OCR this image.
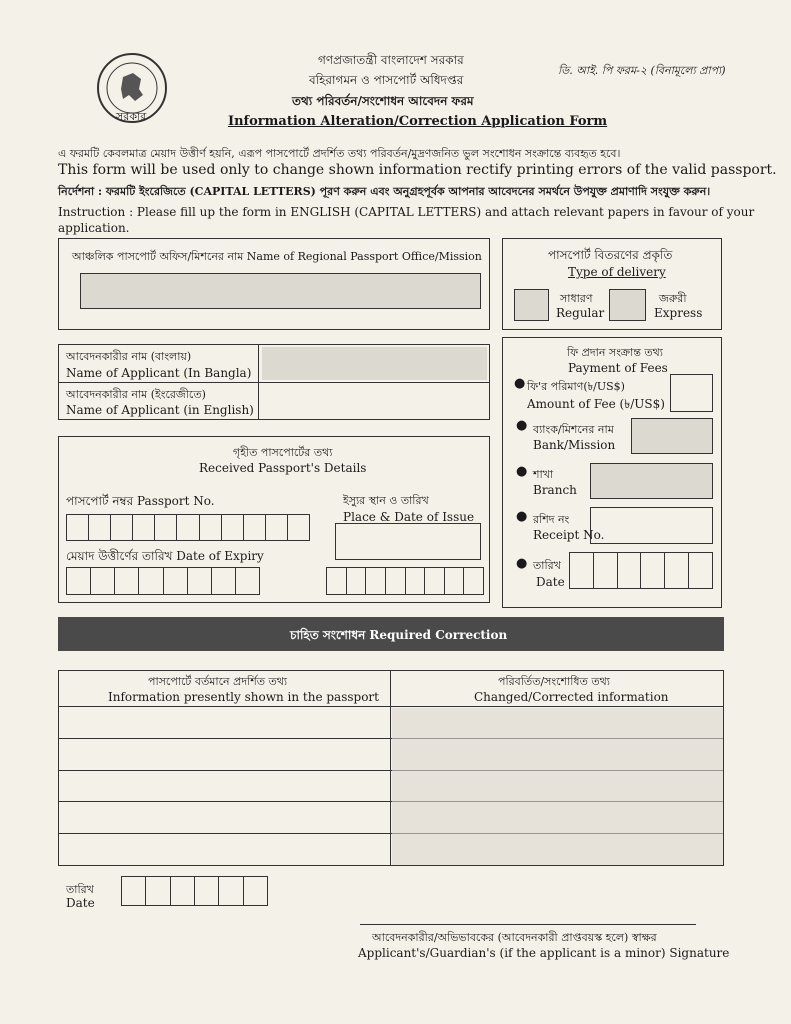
সরকার
গণপ্রজাতন্ত্রী বাংলাদেশ সরকার
বহিরাগমন ও পাসপোর্ট অধিদপ্তর
তথ্য পরিবর্তন/সংশোধন আবেদন ফরম
Information Alteration/Correction Application Form
ডি. আই. পি ফরম-২ (বিনামূল্যে প্রাপ্য)
এ ফরমটি কেবলমাত্র মেয়াদ উত্তীর্ণ হয়নি, এরূপ পাসপোর্টে প্রদর্শিত তথ্য পরিবর্তন/মুদ্রণজনিত ভুল সংশোধন সংক্রান্তে ব্যবহৃত হবে।
This form will be used only to change shown information rectify printing errors of the valid passport.
নির্দেশনা : ফরমটি ইংরেজিতে (CAPITAL LETTERS) পূরণ করুন এবং অনুগ্রহপূর্বক আপনার আবেদনের সমর্থনে উপযুক্ত প্রমাণাদি সংযুক্ত করুন।
Instruction : Please fill up the form in ENGLISH (CAPITAL LETTERS) and attach relevant papers in favour of your
application.
আঞ্চলিক পাসপোর্ট অফিস/মিশনের নাম Name of Regional Passport Office/Mission	পাসপোর্ট বিতরণের প্রকৃতি
Type of delivery
সাধারণ
Regular
জরুরী
Express
আবেদনকারীর নাম (বাংলায়)
Name of Applicant (In Bangla)
আবেদনকারীর নাম (ইংরেজীতে)
Name of Applicant (in English)
ফি প্রদান সংক্রান্ত তথ্য
Payment of Fees
● ফি'র পরিমাণ(৳/US$)
Amount of Fee (৳/US$)
● ব্যাংক/মিশনের নাম
Bank/Mission
● শাখা
Branch
● রশিদ নং
Receipt No.
● তারিখ
Date
গৃহীত পাসপোর্টের তথ্য
Received Passport's Details
পাসপোর্ট নম্বর Passport No.	ইস্যুর স্থান ও তারিখ
Place & Date of Issue
মেয়াদ উত্তীর্ণের তারিখ Date of Expiry
চাহিত সংশোধন Required Correction
পাসপোর্টে বর্তমানে প্রদর্শিত তথ্য
Information presently shown in the passport
পরিবর্তিত/সংশোধিত তথ্য
Changed/Corrected information
তারিখ
Date
আবেদনকারীর/অভিভাবকের (আবেদনকারী প্রাপ্তবয়স্ক হলে) স্বাক্ষর
Applicant's/Guardian's (if the applicant is a minor) Signature
